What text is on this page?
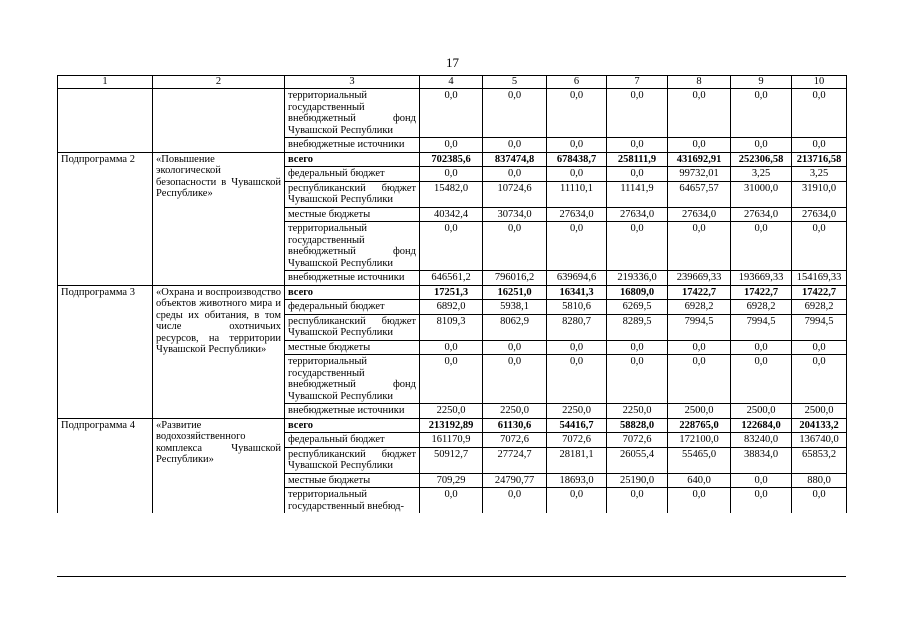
17
1	2	3	4	5	6	7	8	9	10
		территориальный государственный внебюджетный фонд Чувашской Республики	0,0	0,0	0,0	0,0	0,0	0,0	0,0
		внебюджетные источники	0,0	0,0	0,0	0,0	0,0	0,0	0,0
Подпрограмма 2	«Повышение экологической безопасности в Чувашской Республике»	всего	702385,6	837474,8	678438,7	258111,9	431692,91	252306,58	213716,58
		федеральный бюджет	0,0	0,0	0,0	0,0	99732,01	3,25	3,25
		республиканский бюджет Чувашской Республики	15482,0	10724,6	11110,1	11141,9	64657,57	31000,0	31910,0
		местные бюджеты	40342,4	30734,0	27634,0	27634,0	27634,0	27634,0	27634,0
		территориальный государственный внебюджетный фонд Чувашской Республики	0,0	0,0	0,0	0,0	0,0	0,0	0,0
		внебюджетные источники	646561,2	796016,2	639694,6	219336,0	239669,33	193669,33	154169,33
Подпрограмма 3	«Охрана и воспроизводство объектов животного мира и среды их обитания, в том числе охотничьих ресурсов, на территории Чувашской Республики»	всего	17251,3	16251,0	16341,3	16809,0	17422,7	17422,7	17422,7
		федеральный бюджет	6892,0	5938,1	5810,6	6269,5	6928,2	6928,2	6928,2
		республиканский бюджет Чувашской Республики	8109,3	8062,9	8280,7	8289,5	7994,5	7994,5	7994,5
		местные бюджеты	0,0	0,0	0,0	0,0	0,0	0,0	0,0
		территориальный государственный внебюджетный фонд Чувашской Республики	0,0	0,0	0,0	0,0	0,0	0,0	0,0
		внебюджетные источники	2250,0	2250,0	2250,0	2250,0	2500,0	2500,0	2500,0
Подпрограмма 4	«Развитие водохозяйственного комплекса Чувашской Республики»	всего	213192,89	61130,6	54416,7	58828,0	228765,0	122684,0	204133,2
		федеральный бюджет	161170,9	7072,6	7072,6	7072,6	172100,0	83240,0	136740,0
		республиканский бюджет Чувашской Республики	50912,7	27724,7	28181,1	26055,4	55465,0	38834,0	65853,2
		местные бюджеты	709,29	24790,77	18693,0	25190,0	640,0	0,0	880,0
		территориальный государственный внебюд-	0,0	0,0	0,0	0,0	0,0	0,0	0,0
